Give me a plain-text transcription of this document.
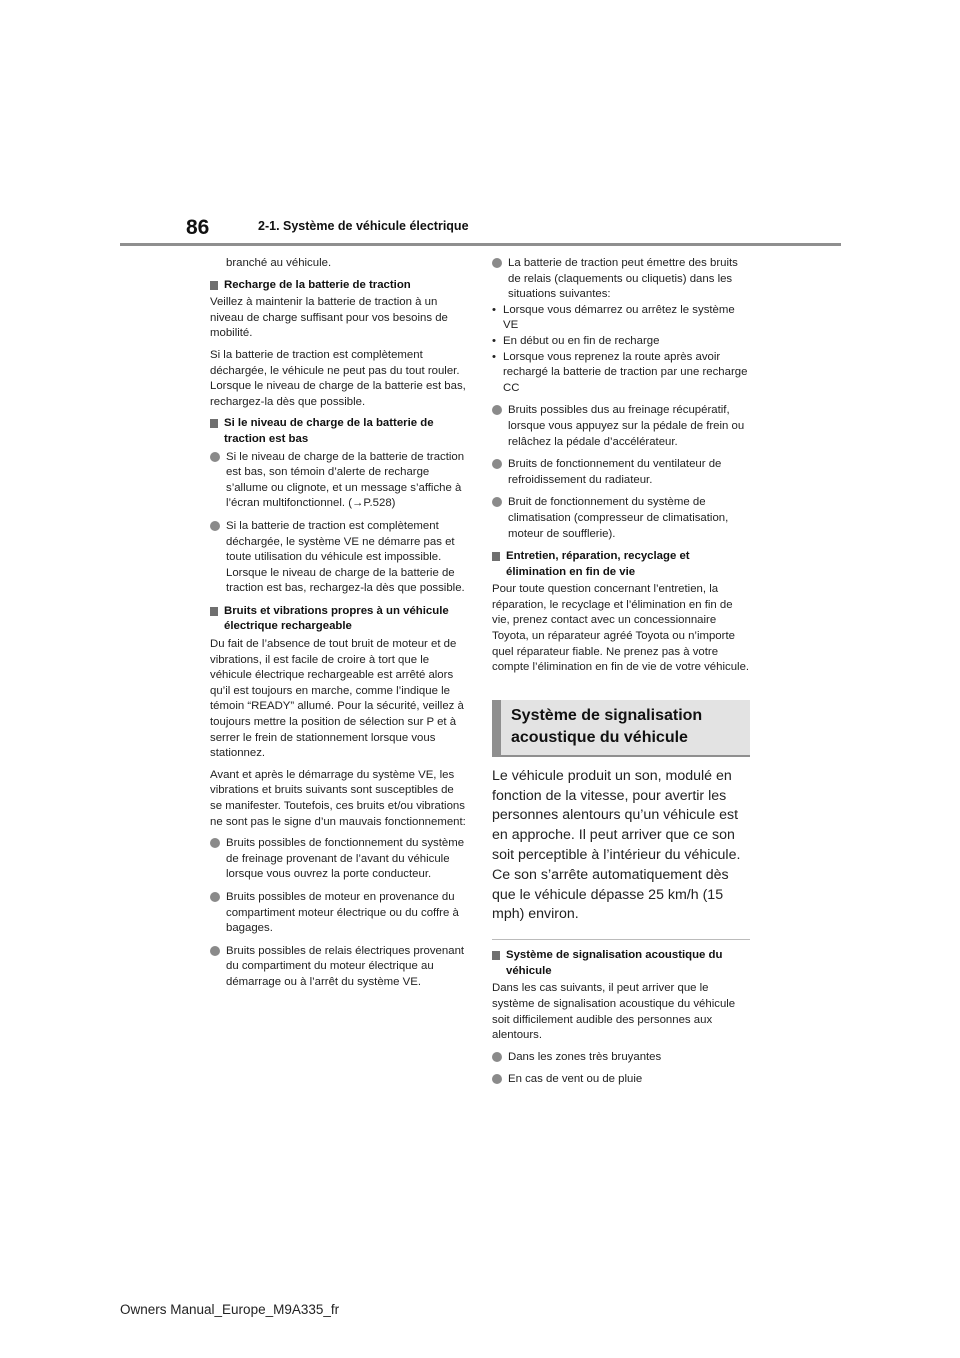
86	2-1. Système de véhicule électrique

branché au véhicule.

Recharge de la batterie de traction

Veillez à maintenir la batterie de traction à un niveau de charge suffisant pour vos besoins de mobilité.

Si la batterie de traction est complètement déchargée, le véhicule ne peut pas du tout rouler. Lorsque le niveau de charge de la batterie est bas, rechargez-la dès que possible.

Si le niveau de charge de la batterie de traction est bas
Si le niveau de charge de la batterie de traction est bas, son témoin d’alerte de recharge s’allume ou clignote, et un message s’affiche à l’écran multifonctionnel. (→P.528)
Si la batterie de traction est complètement déchargée, le système VE ne démarre pas et toute utilisation du véhicule est impossible. Lorsque le niveau de charge de la batterie de traction est bas, rechargez-la dès que possible.
Bruits et vibrations propres à un véhicule électrique rechargeable

Du fait de l’absence de tout bruit de moteur et de vibrations, il est facile de croire à tort que le véhicule électrique rechargeable est arrêté alors qu’il est toujours en marche, comme l’indique le témoin “READY” allumé. Pour la sécurité, veillez à toujours mettre la position de sélection sur P et à serrer le frein de stationnement lorsque vous stationnez.

Avant et après le démarrage du système VE, les vibrations et bruits suivants sont susceptibles de se manifester. Toutefois, ces bruits et/ou vibrations ne sont pas le signe d’un mauvais fonctionnement:

Bruits possibles de fonctionnement du système de freinage provenant de l’avant du véhicule lorsque vous ouvrez la porte conducteur.
Bruits possibles de moteur en provenance du compartiment moteur électrique ou du coffre à bagages.
Bruits possibles de relais électriques provenant du compartiment du moteur électrique au démarrage ou à l’arrêt du système VE.
La batterie de traction peut émettre des bruits de relais (claquements ou cliquetis) dans les situations suivantes:
• Lorsque vous démarrez ou arrêtez le système VE
• En début ou en fin de recharge
• Lorsque vous reprenez la route après avoir rechargé la batterie de traction par une recharge CC
Bruits possibles dus au freinage récupératif, lorsque vous appuyez sur la pédale de frein ou relâchez la pédale d’accélérateur.
Bruits de fonctionnement du ventilateur de refroidissement du radiateur.
Bruit de fonctionnement du système de climatisation (compresseur de climatisation, moteur de soufflerie).
Entretien, réparation, recyclage et élimination en fin de vie

Pour toute question concernant l’entretien, la réparation, le recyclage et l’élimination en fin de vie, prenez contact avec un concessionnaire Toyota, un réparateur agréé Toyota ou n’importe quel réparateur fiable. Ne prenez pas à votre compte l’élimination en fin de vie de votre véhicule.

Système de signalisation acoustique du véhicule

Le véhicule produit un son, modulé en fonction de la vitesse, pour avertir les personnes alentours qu’un véhicule est en approche. Il peut arriver que ce son soit perceptible à l’intérieur du véhicule. Ce son s’arrête automatiquement dès que le véhicule dépasse 25 km/h (15 mph) environ.

Système de signalisation acoustique du véhicule

Dans les cas suivants, il peut arriver que le système de signalisation acoustique du véhicule soit difficilement audible des personnes aux alentours.

Dans les zones très bruyantes
En cas de vent ou de pluie
Owners Manual_Europe_M9A335_fr
